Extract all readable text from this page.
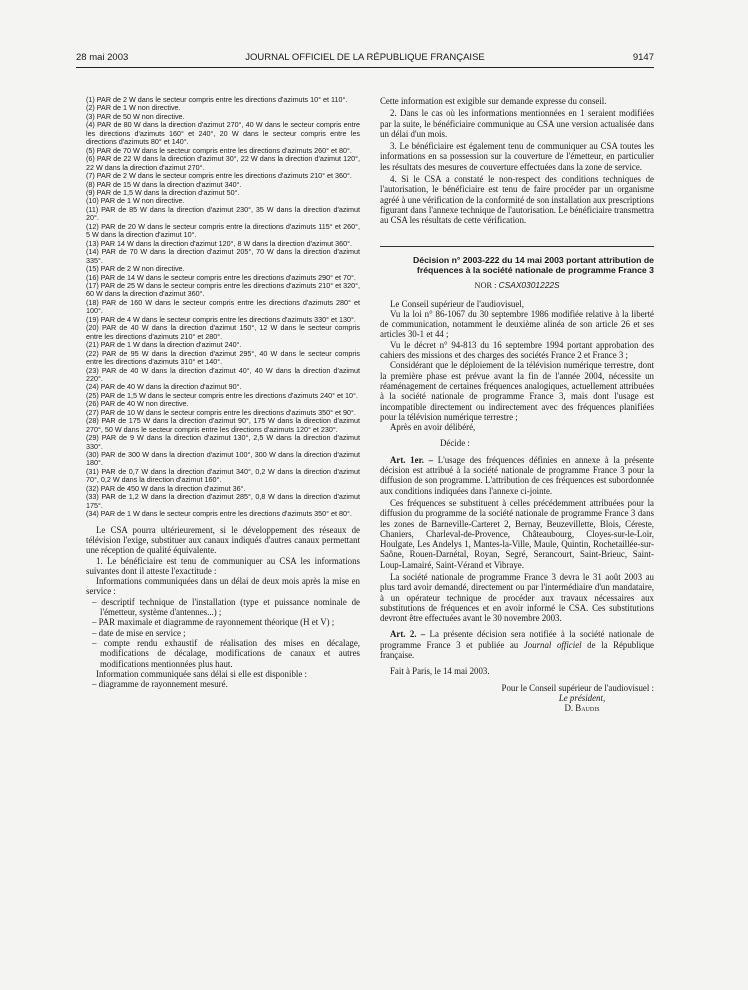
28 mai 2003	JOURNAL OFFICIEL DE LA RÉPUBLIQUE FRANÇAISE	9147

(1) PAR de 2 W dans le secteur compris entre les directions d'azimuts 10° et 110°.

(2) PAR de 1 W non directive.

(3) PAR de 50 W non directive.

(4) PAR de 80 W dans la direction d'azimut 270°, 40 W dans le secteur compris entre les directions d'azimuts 160° et 240°, 20 W dans le secteur compris entre les directions d'azimuts 80° et 140°.

(5) PAR de 70 W dans le secteur compris entre les directions d'azimuts 260° et 80°.

(6) PAR de 22 W dans la direction d'azimut 30°, 22 W dans la direction d'azimut 120°, 22 W dans la direction d'azimut 270°.

(7) PAR de 2 W dans le secteur compris entre les directions d'azimuts 210° et 360°.

(8) PAR de 15 W dans la direction d'azimut 340°.

(9) PAR de 1,5 W dans la direction d'azimut 50°.

(10) PAR de 1 W non directive.

(11) PAR de 85 W dans la direction d'azimut 230°, 35 W dans la direction d'azimut 20°.

(12) PAR de 20 W dans le secteur compris entre la directions d'azimuts 115° et 260°, 5 W dans la direction d'azimut 10°.

(13) PAR 14 W dans la direction d'azimut 120°, 8 W dans la direction d'azimut 360°.

(14) PAR de 70 W dans la direction d'azimut 205°, 70 W dans la direction d'azimut 335°.

(15) PAR de 2 W non directive.

(16) PAR de 14 W dans le secteur compris entre les directions d'azimuts 290° et 70°.

(17) PAR de 25 W dans le secteur compris entre les directions d'azimuts 210° et 320°, 60 W dans la direction d'azimut 360°.

(18) PAR de 160 W dans le secteur compris entre les directions d'azimuts 280° et 100°.

(19) PAR de 4 W dans le secteur compris entre les directions d'azimuts 330° et 130°.

(20) PAR de 40 W dans la direction d'azimut 150°, 12 W dans le secteur compris entre les directions d'azimuts 210° et 280°.

(21) PAR de 1 W dans la direction d'azimut 240°.

(22) PAR de 95 W dans la direction d'azimut 295°, 40 W dans le secteur compris entre les directions d'azimuts 310° et 140°.

(23) PAR de 40 W dans la direction d'azimut 40°, 40 W dans la direction d'azimut 220°.

(24) PAR de 40 W dans la direction d'azimut 90°.

(25) PAR de 1,5 W dans le secteur compris entre les directions d'azimuts 240° et 10°.

(26) PAR de 40 W non directive.

(27) PAR de 10 W dans le secteur compris entre les directions d'azimuts 350° et 90°.

(28) PAR de 175 W dans la direction d'azimut 90°, 175 W dans la direction d'azimut 270°, 50 W dans le secteur compris entre les directions d'azimuts 120° et 230°.

(29) PAR de 9 W dans la direction d'azimut 130°, 2,5 W dans la direction d'azimut 330°.

(30) PAR de 300 W dans la direction d'azimut 100°, 300 W dans la direction d'azimut 180°.

(31) PAR de 0,7 W dans la direction d'azimut 340°, 0,2 W dans la direction d'azimut 70°, 0,2 W dans la direction d'azimut 160°.

(32) PAR de 450 W dans la direction d'azimut 36°.

(33) PAR de 1,2 W dans la direction d'azimut 285°, 0,8 W dans la direction d'azimut 175°.

(34) PAR de 1 W dans le secteur compris entre les directions d'azimuts 350° et 80°.

Le CSA pourra ultérieurement, si le développement des réseaux de télévision l'exige, substituer aux canaux indiqués d'autres canaux permettant une réception de qualité équivalente.

1. Le bénéficiaire est tenu de communiquer au CSA les informations suivantes dont il atteste l'exactitude :

Informations communiquées dans un délai de deux mois après la mise en service :

– descriptif technique de l'installation (type et puissance nominale de l'émetteur, système d'antennes...) ;

– PAR maximale et diagramme de rayonnement théorique (H et V) ;

– date de mise en service ;

– compte rendu exhaustif de réalisation des mises en décalage, modifications de décalage, modifications de canaux et autres modifications mentionnées plus haut.

Information communiquée sans délai si elle est disponible :

– diagramme de rayonnement mesuré.

Cette information est exigible sur demande expresse du conseil.

2. Dans le cas où les informations mentionnées en 1 seraient modifiées par la suite, le bénéficiaire communique au CSA une version actualisée dans un délai d'un mois.

3. Le bénéficiaire est également tenu de communiquer au CSA toutes les informations en sa possession sur la couverture de l'émetteur, en particulier les résultats des mesures de couverture effectuées dans la zone de service.

4. Si le CSA a constaté le non-respect des conditions techniques de l'autorisation, le bénéficiaire est tenu de faire procéder par un organisme agréé à une vérification de la conformité de son installation aux prescriptions figurant dans l'annexe technique de l'autorisation. Le bénéficiaire transmettra au CSA les résultats de cette vérification.

Décision n° 2003-222 du 14 mai 2003 portant attribution de fréquences à la société nationale de programme France 3

NOR : CSAX0301222S

Le Conseil supérieur de l'audiovisuel,

Vu la loi n° 86-1067 du 30 septembre 1986 modifiée relative à la liberté de communication, notamment le deuxième alinéa de son article 26 et ses articles 30-1 et 44 ;

Vu le décret n° 94-813 du 16 septembre 1994 portant approbation des cahiers des missions et des charges des sociétés France 2 et France 3 ;

Considérant que le déploiement de la télévision numérique terrestre, dont la première phase est prévue avant la fin de l'année 2004, nécessite un réaménagement de certaines fréquences analogiques, actuellement attribuées à la société nationale de programme France 3, mais dont l'usage est incompatible directement ou indirectement avec des fréquences planifiées pour la télévision numérique terrestre ;

Après en avoir délibéré,

Décide :

Art. 1er. – L'usage des fréquences définies en annexe à la présente décision est attribué à la société nationale de programme France 3 pour la diffusion de son programme. L'attribution de ces fréquences est subordonnée aux conditions indiquées dans l'annexe ci-jointe.

Ces fréquences se substituent à celles précédemment attribuées pour la diffusion du programme de la société nationale de programme France 3 dans les zones de Barneville-Carteret 2, Bernay, Beuzevillette, Blois, Céreste, Chaniers, Charleval-de-Provence, Châteaubourg, Cloyes-sur-le-Loir, Houlgate, Les Andelys 1, Mantes-la-Ville, Maule, Quintin, Rochetaillée-sur-Saône, Rouen-Darnétal, Royan, Segré, Serancourt, Saint-Brieuc, Saint-Loup-Lamairé, Saint-Vérand et Vibraye.

La société nationale de programme France 3 devra le 31 août 2003 au plus tard avoir demandé, directement ou par l'intermédiaire d'un mandataire, à un opérateur technique de procéder aux travaux nécessaires aux substitutions de fréquences et en avoir informé le CSA. Ces substitutions devront être effectuées avant le 30 novembre 2003.

Art. 2. – La présente décision sera notifiée à la société nationale de programme France 3 et publiée au Journal officiel de la République française.

Fait à Paris, le 14 mai 2003.

Pour le Conseil supérieur de l'audiovisuel :

Le président,

D. Baudis
